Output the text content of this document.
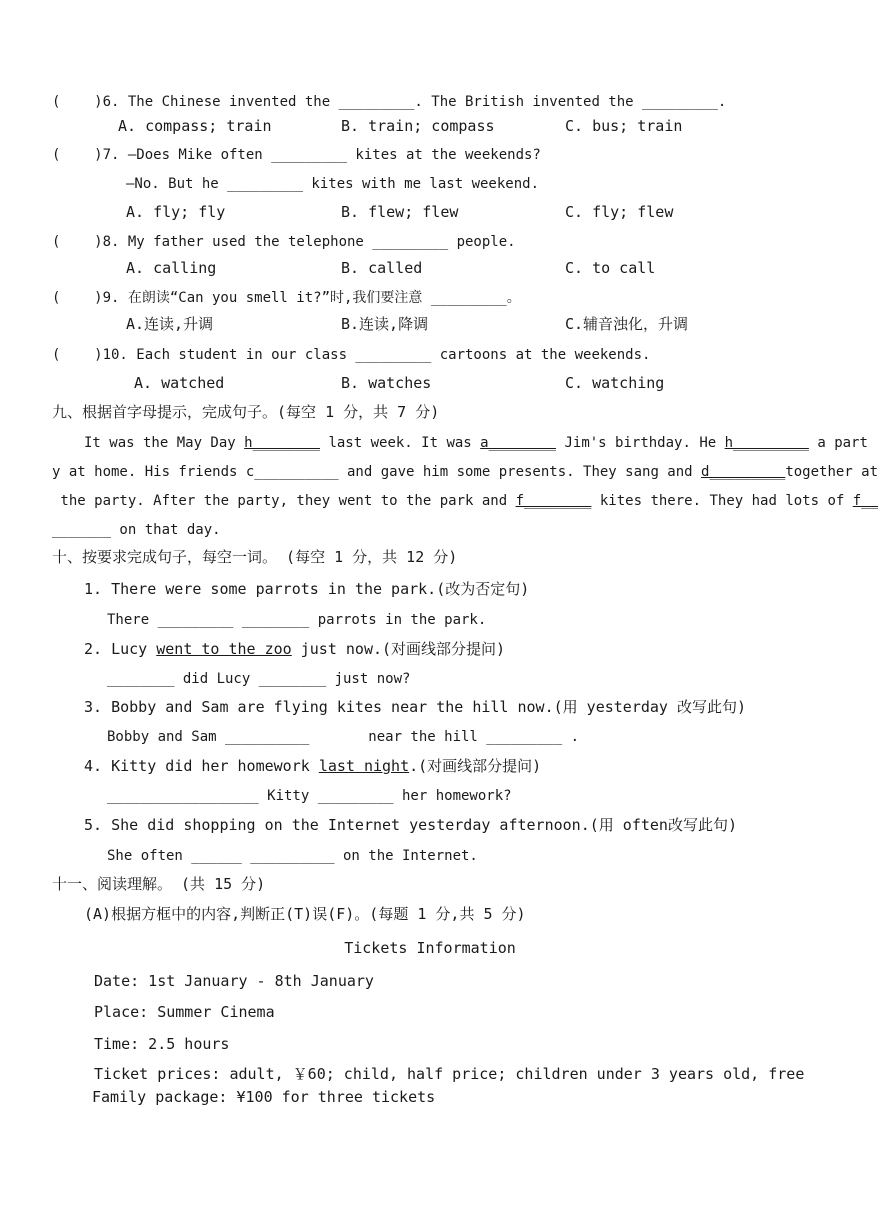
(    )6. The Chinese invented the _________. The British invented the _________.
A. compass; train	B. train; compass	C. bus; train
(    )7. —Does Mike often _________ kites at the weekends?
—No. But he _________ kites with me last weekend.
A. fly; fly	B. flew; flew	C. fly; flew
(    )8. My father used the telephone _________ people.
A. calling	B. called	C. to call
(    )9. 在朗读“Can you smell it?”时,我们要注意 _________。
A.连读,升调	B.连读,降调	C.辅音浊化，升调
(    )10. Each student in our class _________ cartoons at the weekends.
A. watched	B. watches	C. watching
九、根据首字母提示，完成句子。(每空 1 分，共 7 分)
It was the May Day h________ last week. It was a________ Jim's birthday. He h_________ a part
y at home. His friends c__________ and gave him some presents. They sang and d_________together at
the party. After the party, they went to the park and f________ kites there. They had lots of f__
_______ on that day.
十、按要求完成句子，每空一词。 (每空 1 分，共 12 分)
1. There were some parrots in the park.(改为否定句)
There _________ ________ parrots in the park.
2. Lucy went to the zoo just now.(对画线部分提问)
________ did Lucy ________ just now?
3. Bobby and Sam are flying kites near the hill now.(用 yesterday 改写此句)
Bobby and Sam __________       near the hill _________ .
4. Kitty did her homework last night.(对画线部分提问)
__________________ Kitty _________ her homework?
5. She did shopping on the Internet yesterday afternoon.(用 often改写此句)
She often ______ __________ on the Internet.
十一、阅读理解。 (共 15 分)
(A)根据方框中的内容,判断正(T)误(F)。(每题 1 分,共 5 分)
Tickets Information
Date: 1st January - 8th January
Place: Summer Cinema
Time: 2.5 hours
Ticket prices: adult, ￥60; child, half price; children under 3 years old, free
Family package: ¥100 for three tickets
